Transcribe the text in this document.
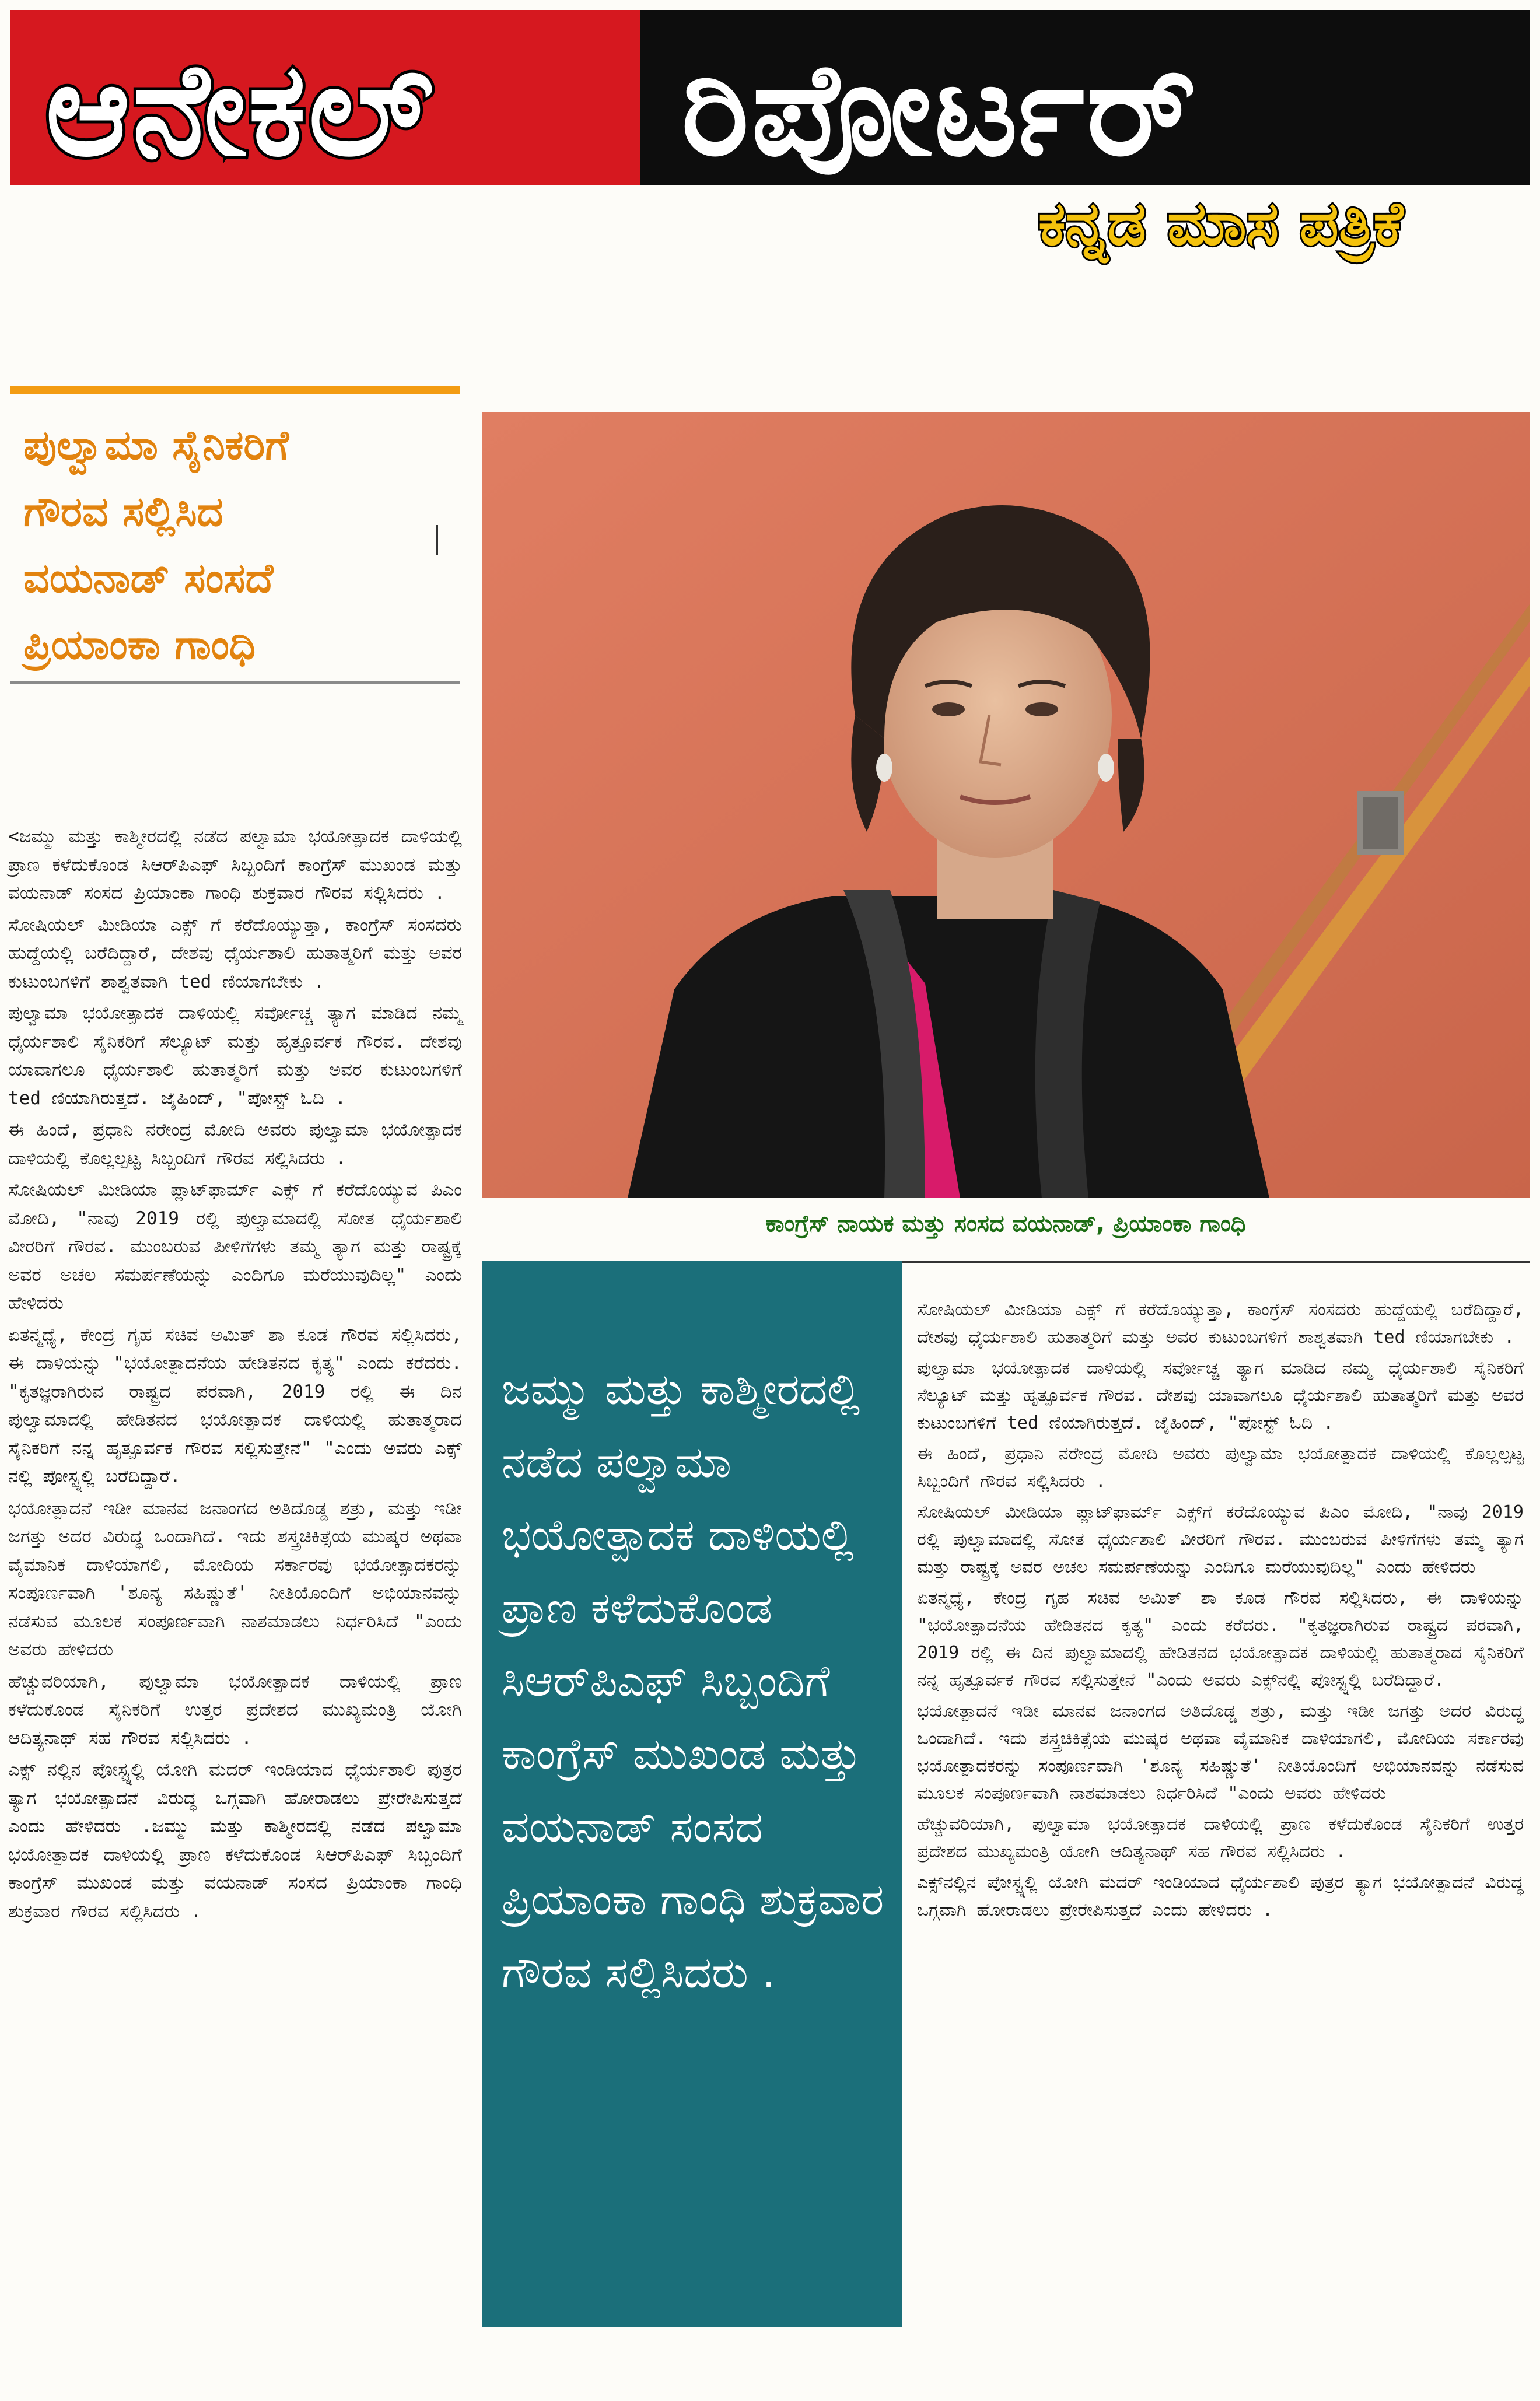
ಆನೇಕಲ್ ರಿಪೋರ್ಟರ್
ಕನ್ನಡ ಮಾಸ ಪತ್ರಿಕೆ
ಪುಲ್ವಾಮಾ ಸೈನಿಕರಿಗೆ
ಗೌರವ ಸಲ್ಲಿಸಿದ
ವಯನಾಡ್ ಸಂಸದೆ
ಪ್ರಿಯಾಂಕಾ ಗಾಂಧಿ

<ಜಮ್ಮು ಮತ್ತು ಕಾಶ್ಮೀರದಲ್ಲಿ ನಡೆದ ಪಲ್ವಾಮಾ ಭಯೋತ್ಪಾದಕ ದಾಳಿಯಲ್ಲಿ ಪ್ರಾಣ ಕಳೆದುಕೊಂಡ ಸಿಆರ್‌ಪಿಎಫ್ ಸಿಬ್ಬಂದಿಗೆ ಕಾಂಗ್ರೆಸ್ ಮುಖಂಡ ಮತ್ತು ವಯನಾಡ್ ಸಂಸದ ಪ್ರಿಯಾಂಕಾ ಗಾಂಧಿ ಶುಕ್ರವಾರ ಗೌರವ ಸಲ್ಲಿಸಿದರು .

ಸೋಷಿಯಲ್ ಮೀಡಿಯಾ ಎಕ್ಸ್ ಗೆ ಕರೆದೊಯ್ಯುತ್ತಾ, ಕಾಂಗ್ರೆಸ್ ಸಂಸದರು ಹುದ್ದೆಯಲ್ಲಿ ಬರೆದಿದ್ದಾರೆ, ದೇಶವು ಧೈರ್ಯಶಾಲಿ ಹುತಾತ್ಮರಿಗೆ ಮತ್ತು ಅವರ ಕುಟುಂಬಗಳಿಗೆ ಶಾಶ್ವತವಾಗಿ ted ಣಿಯಾಗಬೇಕು .

ಪುಲ್ವಾಮಾ ಭಯೋತ್ಪಾದಕ ದಾಳಿಯಲ್ಲಿ ಸರ್ವೋಚ್ಚ ತ್ಯಾಗ ಮಾಡಿದ ನಮ್ಮ ಧೈರ್ಯಶಾಲಿ ಸೈನಿಕರಿಗೆ ಸೆಲ್ಯೂಟ್ ಮತ್ತು ಹೃತ್ಪೂರ್ವಕ ಗೌರವ. ದೇಶವು ಯಾವಾಗಲೂ ಧೈರ್ಯಶಾಲಿ ಹುತಾತ್ಮರಿಗೆ ಮತ್ತು ಅವರ ಕುಟುಂಬಗಳಿಗೆ ted ಣಿಯಾಗಿರುತ್ತದೆ. ಜೈಹಿಂದ್, "ಪೋಸ್ಟ್ ಓದಿ .

ಈ ಹಿಂದೆ, ಪ್ರಧಾನಿ ನರೇಂದ್ರ ಮೋದಿ ಅವರು ಪುಲ್ವಾಮಾ ಭಯೋತ್ಪಾದಕ ದಾಳಿಯಲ್ಲಿ ಕೊಲ್ಲಲ್ಪಟ್ಟ ಸಿಬ್ಬಂದಿಗೆ ಗೌರವ ಸಲ್ಲಿಸಿದರು .

ಸೋಷಿಯಲ್ ಮೀಡಿಯಾ ಪ್ಲಾಟ್‌ಫಾರ್ಮ್ ಎಕ್ಸ್ ಗೆ ಕರೆದೊಯ್ಯುವ ಪಿಎಂ ಮೋದಿ, "ನಾವು 2019 ರಲ್ಲಿ ಪುಲ್ವಾಮಾದಲ್ಲಿ ಸೋತ ಧೈರ್ಯಶಾಲಿ ವೀರರಿಗೆ ಗೌರವ. ಮುಂಬರುವ ಪೀಳಿಗೆಗಳು ತಮ್ಮ ತ್ಯಾಗ ಮತ್ತು ರಾಷ್ಟ್ರಕ್ಕೆ ಅವರ ಅಚಲ ಸಮರ್ಪಣೆಯನ್ನು ಎಂದಿಗೂ ಮರೆಯುವುದಿಲ್ಲ" ಎಂದು ಹೇಳಿದರು

ಏತನ್ಮಧ್ಯೆ, ಕೇಂದ್ರ ಗೃಹ ಸಚಿವ ಅಮಿತ್ ಶಾ ಕೂಡ ಗೌರವ ಸಲ್ಲಿಸಿದರು, ಈ ದಾಳಿಯನ್ನು "ಭಯೋತ್ಪಾದನೆಯ ಹೇಡಿತನದ ಕೃತ್ಯ" ಎಂದು ಕರೆದರು. "ಕೃತಜ್ಞರಾಗಿರುವ ರಾಷ್ಟ್ರದ ಪರವಾಗಿ, 2019 ರಲ್ಲಿ ಈ ದಿನ ಪುಲ್ವಾಮಾದಲ್ಲಿ ಹೇಡಿತನದ ಭಯೋತ್ಪಾದಕ ದಾಳಿಯಲ್ಲಿ ಹುತಾತ್ಮರಾದ ಸೈನಿಕರಿಗೆ ನನ್ನ ಹೃತ್ಪೂರ್ವಕ ಗೌರವ ಸಲ್ಲಿಸುತ್ತೇನೆ" "ಎಂದು ಅವರು ಎಕ್ಸ್ ನಲ್ಲಿ ಪೋಸ್ಟ್ನಲ್ಲಿ ಬರೆದಿದ್ದಾರೆ.

ಭಯೋತ್ಪಾದನೆ ಇಡೀ ಮಾನವ ಜನಾಂಗದ ಅತಿದೊಡ್ಡ ಶತ್ರು, ಮತ್ತು ಇಡೀ ಜಗತ್ತು ಅದರ ವಿರುದ್ಧ ಒಂದಾಗಿದೆ. ಇದು ಶಸ್ತ್ರಚಿಕಿತ್ಸೆಯ ಮುಷ್ಕರ ಅಥವಾ ವೈಮಾನಿಕ ದಾಳಿಯಾಗಲಿ, ಮೋದಿಯ ಸರ್ಕಾರವು ಭಯೋತ್ಪಾದಕರನ್ನು ಸಂಪೂರ್ಣವಾಗಿ 'ಶೂನ್ಯ ಸಹಿಷ್ಣುತೆ' ನೀತಿಯೊಂದಿಗೆ ಅಭಿಯಾನವನ್ನು ನಡೆಸುವ ಮೂಲಕ ಸಂಪೂರ್ಣವಾಗಿ ನಾಶಮಾಡಲು ನಿರ್ಧರಿಸಿದೆ "ಎಂದು ಅವರು ಹೇಳಿದರು

ಹೆಚ್ಚುವರಿಯಾಗಿ, ಪುಲ್ವಾಮಾ ಭಯೋತ್ಪಾದಕ ದಾಳಿಯಲ್ಲಿ ಪ್ರಾಣ ಕಳೆದುಕೊಂಡ ಸೈನಿಕರಿಗೆ ಉತ್ತರ ಪ್ರದೇಶದ ಮುಖ್ಯಮಂತ್ರಿ ಯೋಗಿ ಆದಿತ್ಯನಾಥ್ ಸಹ ಗೌರವ ಸಲ್ಲಿಸಿದರು .

ಎಕ್ಸ್ ನಲ್ಲಿನ ಪೋಸ್ಟ್ನಲ್ಲಿ ಯೋಗಿ ಮದರ್ ಇಂಡಿಯಾದ ಧೈರ್ಯಶಾಲಿ ಪುತ್ರರ ತ್ಯಾಗ ಭಯೋತ್ಪಾದನೆ ವಿರುದ್ಧ ಒಗ್ಗವಾಗಿ ಹೋರಾಡಲು ಪ್ರೇರೇಪಿಸುತ್ತದೆ ಎಂದು ಹೇಳಿದರು .ಜಮ್ಮು ಮತ್ತು ಕಾಶ್ಮೀರದಲ್ಲಿ ನಡೆದ ಪಲ್ವಾಮಾ ಭಯೋತ್ಪಾದಕ ದಾಳಿಯಲ್ಲಿ ಪ್ರಾಣ ಕಳೆದುಕೊಂಡ ಸಿಆರ್‌ಪಿಎಫ್ ಸಿಬ್ಬಂದಿಗೆ ಕಾಂಗ್ರೆಸ್ ಮುಖಂಡ ಮತ್ತು ವಯನಾಡ್ ಸಂಸದ ಪ್ರಿಯಾಂಕಾ ಗಾಂಧಿ ಶುಕ್ರವಾರ ಗೌರವ ಸಲ್ಲಿಸಿದರು .

ಕಾಂಗ್ರೆಸ್ ನಾಯಕ ಮತ್ತು ಸಂಸದ ವಯನಾಡ್, ಪ್ರಿಯಾಂಕಾ ಗಾಂಧಿ

ಜಮ್ಮು ಮತ್ತು ಕಾಶ್ಮೀರದಲ್ಲಿ ನಡೆದ ಪಲ್ವಾಮಾ ಭಯೋತ್ಪಾದಕ ದಾಳಿಯಲ್ಲಿ ಪ್ರಾಣ ಕಳೆದುಕೊಂಡ ಸಿಆರ್‌ಪಿಎಫ್ ಸಿಬ್ಬಂದಿಗೆ ಕಾಂಗ್ರೆಸ್ ಮುಖಂಡ ಮತ್ತು ವಯನಾಡ್ ಸಂಸದ ಪ್ರಿಯಾಂಕಾ ಗಾಂಧಿ ಶುಕ್ರವಾರ ಗೌರವ ಸಲ್ಲಿಸಿದರು .

ಸೋಷಿಯಲ್ ಮೀಡಿಯಾ ಎಕ್ಸ್ ಗೆ ಕರೆದೊಯ್ಯುತ್ತಾ, ಕಾಂಗ್ರೆಸ್ ಸಂಸದರು ಹುದ್ದೆಯಲ್ಲಿ ಬರೆದಿದ್ದಾರೆ, ದೇಶವು ಧೈರ್ಯಶಾಲಿ ಹುತಾತ್ಮರಿಗೆ ಮತ್ತು ಅವರ ಕುಟುಂಬಗಳಿಗೆ ಶಾಶ್ವತವಾಗಿ ted ಣಿಯಾಗಬೇಕು .

ಪುಲ್ವಾಮಾ ಭಯೋತ್ಪಾದಕ ದಾಳಿಯಲ್ಲಿ ಸರ್ವೋಚ್ಚ ತ್ಯಾಗ ಮಾಡಿದ ನಮ್ಮ ಧೈರ್ಯಶಾಲಿ ಸೈನಿಕರಿಗೆ ಸೆಲ್ಯೂಟ್ ಮತ್ತು ಹೃತ್ಪೂರ್ವಕ ಗೌರವ. ದೇಶವು ಯಾವಾಗಲೂ ಧೈರ್ಯಶಾಲಿ ಹುತಾತ್ಮರಿಗೆ ಮತ್ತು ಅವರ ಕುಟುಂಬಗಳಿಗೆ ted ಣಿಯಾಗಿರುತ್ತದೆ. ಜೈಹಿಂದ್, "ಪೋಸ್ಟ್ ಓದಿ .

ಈ ಹಿಂದೆ, ಪ್ರಧಾನಿ ನರೇಂದ್ರ ಮೋದಿ ಅವರು ಪುಲ್ವಾಮಾ ಭಯೋತ್ಪಾದಕ ದಾಳಿಯಲ್ಲಿ ಕೊಲ್ಲಲ್ಪಟ್ಟ ಸಿಬ್ಬಂದಿಗೆ ಗೌರವ ಸಲ್ಲಿಸಿದರು .

ಸೋಷಿಯಲ್ ಮೀಡಿಯಾ ಪ್ಲಾಟ್‌ಫಾರ್ಮ್ ಎಕ್ಸ್‌ಗೆ ಕರೆದೊಯ್ಯುವ ಪಿಎಂ ಮೋದಿ, "ನಾವು 2019 ರಲ್ಲಿ ಪುಲ್ವಾಮಾದಲ್ಲಿ ಸೋತ ಧೈರ್ಯಶಾಲಿ ವೀರರಿಗೆ ಗೌರವ. ಮುಂಬರುವ ಪೀಳಿಗೆಗಳು ತಮ್ಮ ತ್ಯಾಗ ಮತ್ತು ರಾಷ್ಟ್ರಕ್ಕೆ ಅವರ ಅಚಲ ಸಮರ್ಪಣೆಯನ್ನು ಎಂದಿಗೂ ಮರೆಯುವುದಿಲ್ಲ" ಎಂದು ಹೇಳಿದರು

ಏತನ್ಮಧ್ಯೆ, ಕೇಂದ್ರ ಗೃಹ ಸಚಿವ ಅಮಿತ್ ಶಾ ಕೂಡ ಗೌರವ ಸಲ್ಲಿಸಿದರು, ಈ ದಾಳಿಯನ್ನು "ಭಯೋತ್ಪಾದನೆಯ ಹೇಡಿತನದ ಕೃತ್ಯ" ಎಂದು ಕರೆದರು. "ಕೃತಜ್ಞರಾಗಿರುವ ರಾಷ್ಟ್ರದ ಪರವಾಗಿ, 2019 ರಲ್ಲಿ ಈ ದಿನ ಪುಲ್ವಾಮಾದಲ್ಲಿ ಹೇಡಿತನದ ಭಯೋತ್ಪಾದಕ ದಾಳಿಯಲ್ಲಿ ಹುತಾತ್ಮರಾದ ಸೈನಿಕರಿಗೆ ನನ್ನ ಹೃತ್ಪೂರ್ವಕ ಗೌರವ ಸಲ್ಲಿಸುತ್ತೇನೆ "ಎಂದು ಅವರು ಎಕ್ಸ್‌ನಲ್ಲಿ ಪೋಸ್ಟ್ನಲ್ಲಿ ಬರೆದಿದ್ದಾರೆ.

ಭಯೋತ್ಪಾದನೆ ಇಡೀ ಮಾನವ ಜನಾಂಗದ ಅತಿದೊಡ್ಡ ಶತ್ರು, ಮತ್ತು ಇಡೀ ಜಗತ್ತು ಅದರ ವಿರುದ್ಧ ಒಂದಾಗಿದೆ. ಇದು ಶಸ್ತ್ರಚಿಕಿತ್ಸೆಯ ಮುಷ್ಕರ ಅಥವಾ ವೈಮಾನಿಕ ದಾಳಿಯಾಗಲಿ, ಮೋದಿಯ ಸರ್ಕಾರವು ಭಯೋತ್ಪಾದಕರನ್ನು ಸಂಪೂರ್ಣವಾಗಿ 'ಶೂನ್ಯ ಸಹಿಷ್ಣುತೆ' ನೀತಿಯೊಂದಿಗೆ ಅಭಿಯಾನವನ್ನು ನಡೆಸುವ ಮೂಲಕ ಸಂಪೂರ್ಣವಾಗಿ ನಾಶಮಾಡಲು ನಿರ್ಧರಿಸಿದೆ "ಎಂದು ಅವರು ಹೇಳಿದರು

ಹೆಚ್ಚುವರಿಯಾಗಿ, ಪುಲ್ವಾಮಾ ಭಯೋತ್ಪಾದಕ ದಾಳಿಯಲ್ಲಿ ಪ್ರಾಣ ಕಳೆದುಕೊಂಡ ಸೈನಿಕರಿಗೆ ಉತ್ತರ ಪ್ರದೇಶದ ಮುಖ್ಯಮಂತ್ರಿ ಯೋಗಿ ಆದಿತ್ಯನಾಥ್ ಸಹ ಗೌರವ ಸಲ್ಲಿಸಿದರು .

ಎಕ್ಸ್‌ನಲ್ಲಿನ ಪೋಸ್ಟ್ನಲ್ಲಿ ಯೋಗಿ ಮದರ್ ಇಂಡಿಯಾದ ಧೈರ್ಯಶಾಲಿ ಪುತ್ರರ ತ್ಯಾಗ ಭಯೋತ್ಪಾದನೆ ವಿರುದ್ಧ ಒಗ್ಗವಾಗಿ ಹೋರಾಡಲು ಪ್ರೇರೇಪಿಸುತ್ತದೆ ಎಂದು ಹೇಳಿದರು .
